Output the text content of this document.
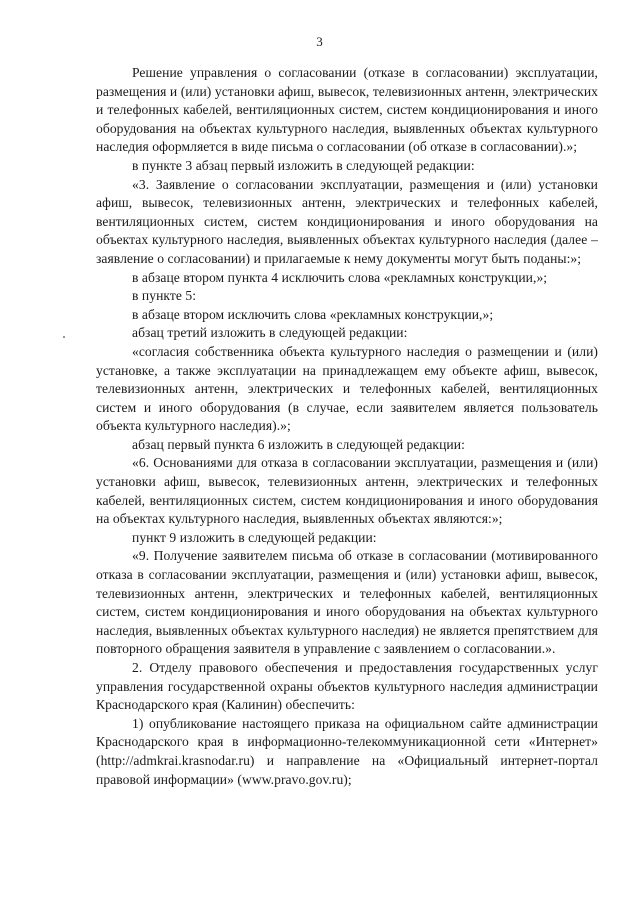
3

Решение управления о согласовании (отказе в согласовании) эксплуатации, размещения и (или) установки афиш, вывесок, телевизионных антенн, электрических и телефонных кабелей, вентиляционных систем, систем кондиционирования и иного оборудования на объектах культурного наследия, выявленных объектах культурного наследия оформляется в виде письма о согласовании (об отказе в согласовании).»;

в пункте 3 абзац первый изложить в следующей редакции:

«3. Заявление о согласовании эксплуатации, размещения и (или) установки афиш, вывесок, телевизионных антенн, электрических и телефонных кабелей, вентиляционных систем, систем кондиционирования и иного оборудования на объектах культурного наследия, выявленных объектах культурного наследия (далее – заявление о согласовании) и прилагаемые к нему документы могут быть поданы:»;

в абзаце втором пункта 4 исключить слова «рекламных конструкции,»;

в пункте 5:

в абзаце втором исключить слова «рекламных конструкции,»;

абзац третий изложить в следующей редакции:

«согласия собственника объекта культурного наследия о размещении и (или) установке, а также эксплуатации на принадлежащем ему объекте афиш, вывесок, телевизионных антенн, электрических и телефонных кабелей, вентиляционных систем и иного оборудования (в случае, если заявителем является пользователь объекта культурного наследия).»;

абзац первый пункта 6 изложить в следующей редакции:

«6. Основаниями для отказа в согласовании эксплуатации, размещения и (или) установки афиш, вывесок, телевизионных антенн, электрических и телефонных кабелей, вентиляционных систем, систем кондиционирования и иного оборудования на объектах культурного наследия, выявленных объектах являются:»;

пункт 9 изложить в следующей редакции:

«9. Получение заявителем письма об отказе в согласовании (мотивированного отказа в согласовании эксплуатации, размещения и (или) установки афиш, вывесок, телевизионных антенн, электрических и телефонных кабелей, вентиляционных систем, систем кондиционирования и иного оборудования на объектах культурного наследия, выявленных объектах культурного наследия) не является препятствием для повторного обращения заявителя в управление с заявлением о согласовании.».

2. Отделу правового обеспечения и предоставления государственных услуг управления государственной охраны объектов культурного наследия администрации Краснодарского края (Калинин) обеспечить:

1) опубликование настоящего приказа на официальном сайте администрации Краснодарского края в информационно-телекоммуникационной сети «Интернет» (http://admkrai.krasnodar.ru) и направление на «Официальный интернет-портал правовой информации» (www.pravo.gov.ru);
